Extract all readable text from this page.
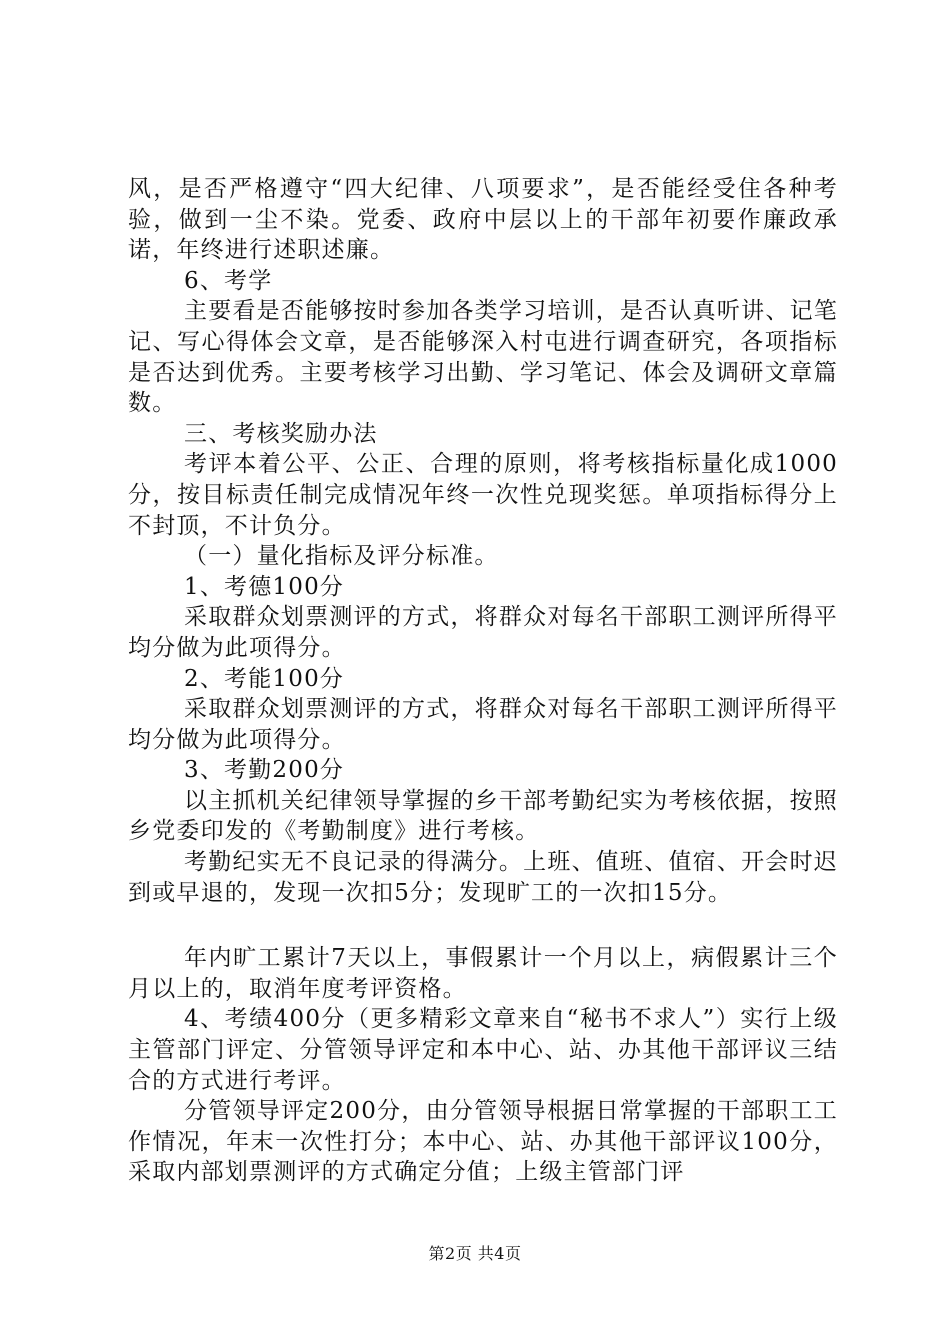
风，是否严格遵守“四大纪律、八项要求”，是否能经受住各种考验，做到一尘不染。党委、政府中层以上的干部年初要作廉政承诺，年终进行述职述廉。

6、考学

主要看是否能够按时参加各类学习培训，是否认真听讲、记笔记、写心得体会文章，是否能够深入村屯进行调查研究，各项指标是否达到优秀。主要考核学习出勤、学习笔记、体会及调研文章篇数。

三、考核奖励办法

考评本着公平、公正、合理的原则，将考核指标量化成1000分，按目标责任制完成情况年终一次性兑现奖惩。单项指标得分上不封顶，不计负分。

（一）量化指标及评分标准。

1、考德100分

采取群众划票测评的方式，将群众对每名干部职工测评所得平均分做为此项得分。

2、考能100分

采取群众划票测评的方式，将群众对每名干部职工测评所得平均分做为此项得分。

3、考勤200分

以主抓机关纪律领导掌握的乡干部考勤纪实为考核依据，按照乡党委印发的《考勤制度》进行考核。

考勤纪实无不良记录的得满分。上班、值班、值宿、开会时迟到或早退的，发现一次扣5分；发现旷工的一次扣15分。

年内旷工累计7天以上，事假累计一个月以上，病假累计三个月以上的，取消年度考评资格。

4、考绩400分（更多精彩文章来自“秘书不求人”）实行上级主管部门评定、分管领导评定和本中心、站、办其他干部评议三结合的方式进行考评。

分管领导评定200分，由分管领导根据日常掌握的干部职工工作情况，年末一次性打分；本中心、站、办其他干部评议100分，采取内部划票测评的方式确定分值；上级主管部门评

第2页 共4页
